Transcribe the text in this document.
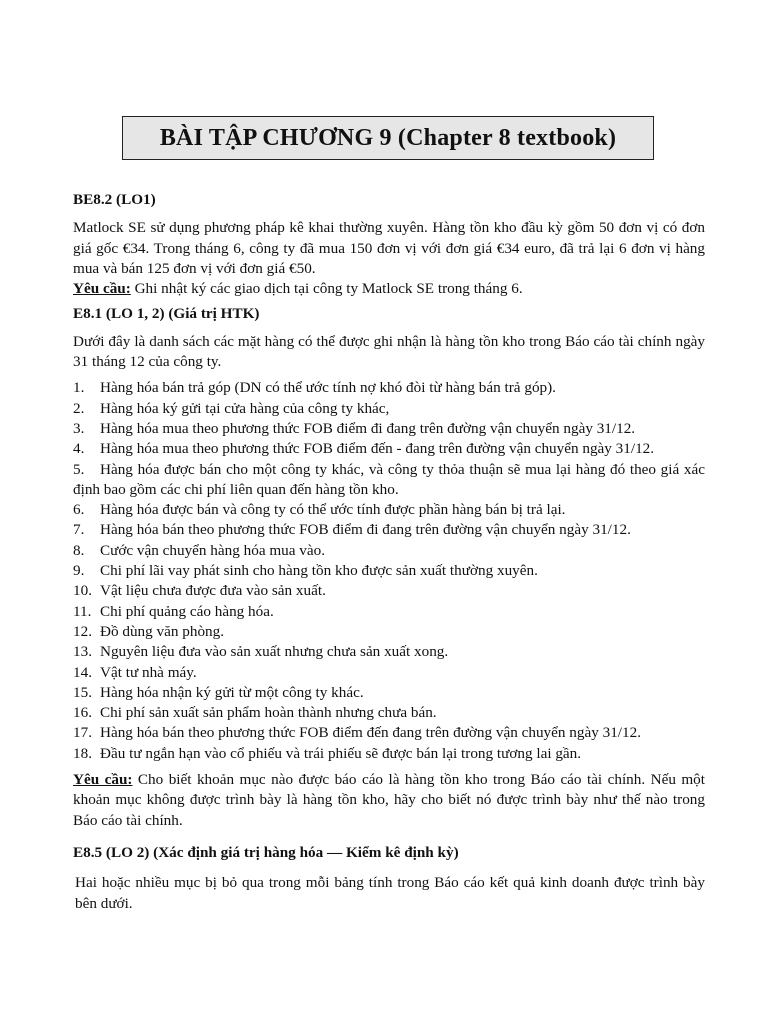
BÀI TẬP CHƯƠNG 9 (Chapter 8 textbook)

BE8.2 (LO1)

Matlock SE sử dụng phương pháp kê khai thường xuyên. Hàng tồn kho đầu kỳ gồm 50 đơn vị có đơn giá gốc €34. Trong tháng 6, công ty đã mua 150 đơn vị với đơn giá €34 euro, đã trả lại 6 đơn vị hàng mua và bán 125 đơn vị với đơn giá €50.

Yêu cầu: Ghi nhật ký các giao dịch tại công ty Matlock SE trong tháng 6.

E8.1 (LO 1, 2) (Giá trị HTK)

Dưới đây là danh sách các mặt hàng có thể được ghi nhận là hàng tồn kho trong Báo cáo tài chính ngày 31 tháng 12 của công ty.

1.	Hàng hóa bán trả góp (DN có thể ước tính nợ khó đòi từ hàng bán trả góp).
2.	Hàng hóa ký gửi tại cửa hàng của công ty khác,
3.	Hàng hóa mua theo phương thức FOB điểm đi đang trên đường vận chuyển ngày 31/12.
4.	Hàng hóa mua theo phương thức FOB điểm đến - đang trên đường vận chuyển ngày 31/12.
5.	Hàng hóa được bán cho một công ty khác, và công ty thỏa thuận sẽ mua lại hàng đó theo giá xác định bao gồm các chi phí liên quan đến hàng tồn kho.
6.	Hàng hóa được bán và công ty có thể ước tính được phần hàng bán bị trả lại.
7.	Hàng hóa bán theo phương thức FOB điểm đi đang trên đường vận chuyển ngày 31/12.
8.	Cước vận chuyển hàng hóa mua vào.
9.	Chi phí lãi vay phát sinh cho hàng tồn kho được sản xuất thường xuyên.
10. Vật liệu chưa được đưa vào sản xuất.
11. Chi phí quảng cáo hàng hóa.
12. Đồ dùng văn phòng.
13. Nguyên liệu đưa vào sản xuất nhưng chưa sản xuất xong.
14. Vật tư nhà máy.
15. Hàng hóa nhận ký gửi từ một công ty khác.
16. Chi phí sản xuất sản phẩm hoàn thành nhưng chưa bán.
17. Hàng hóa bán theo phương thức FOB điểm đến đang trên đường vận chuyển ngày 31/12.
18. Đầu tư ngắn hạn vào cổ phiếu và trái phiếu sẽ được bán lại trong tương lai gần.

Yêu cầu: Cho biết khoản mục nào được báo cáo là hàng tồn kho trong Báo cáo tài chính. Nếu một khoản mục không được trình bày là hàng tồn kho, hãy cho biết nó được trình bày như thế nào trong Báo cáo tài chính.

E8.5 (LO 2) (Xác định giá trị hàng hóa — Kiểm kê định kỳ)

Hai hoặc nhiều mục bị bỏ qua trong mỗi bảng tính trong Báo cáo kết quả kinh doanh được trình bày bên dưới.
